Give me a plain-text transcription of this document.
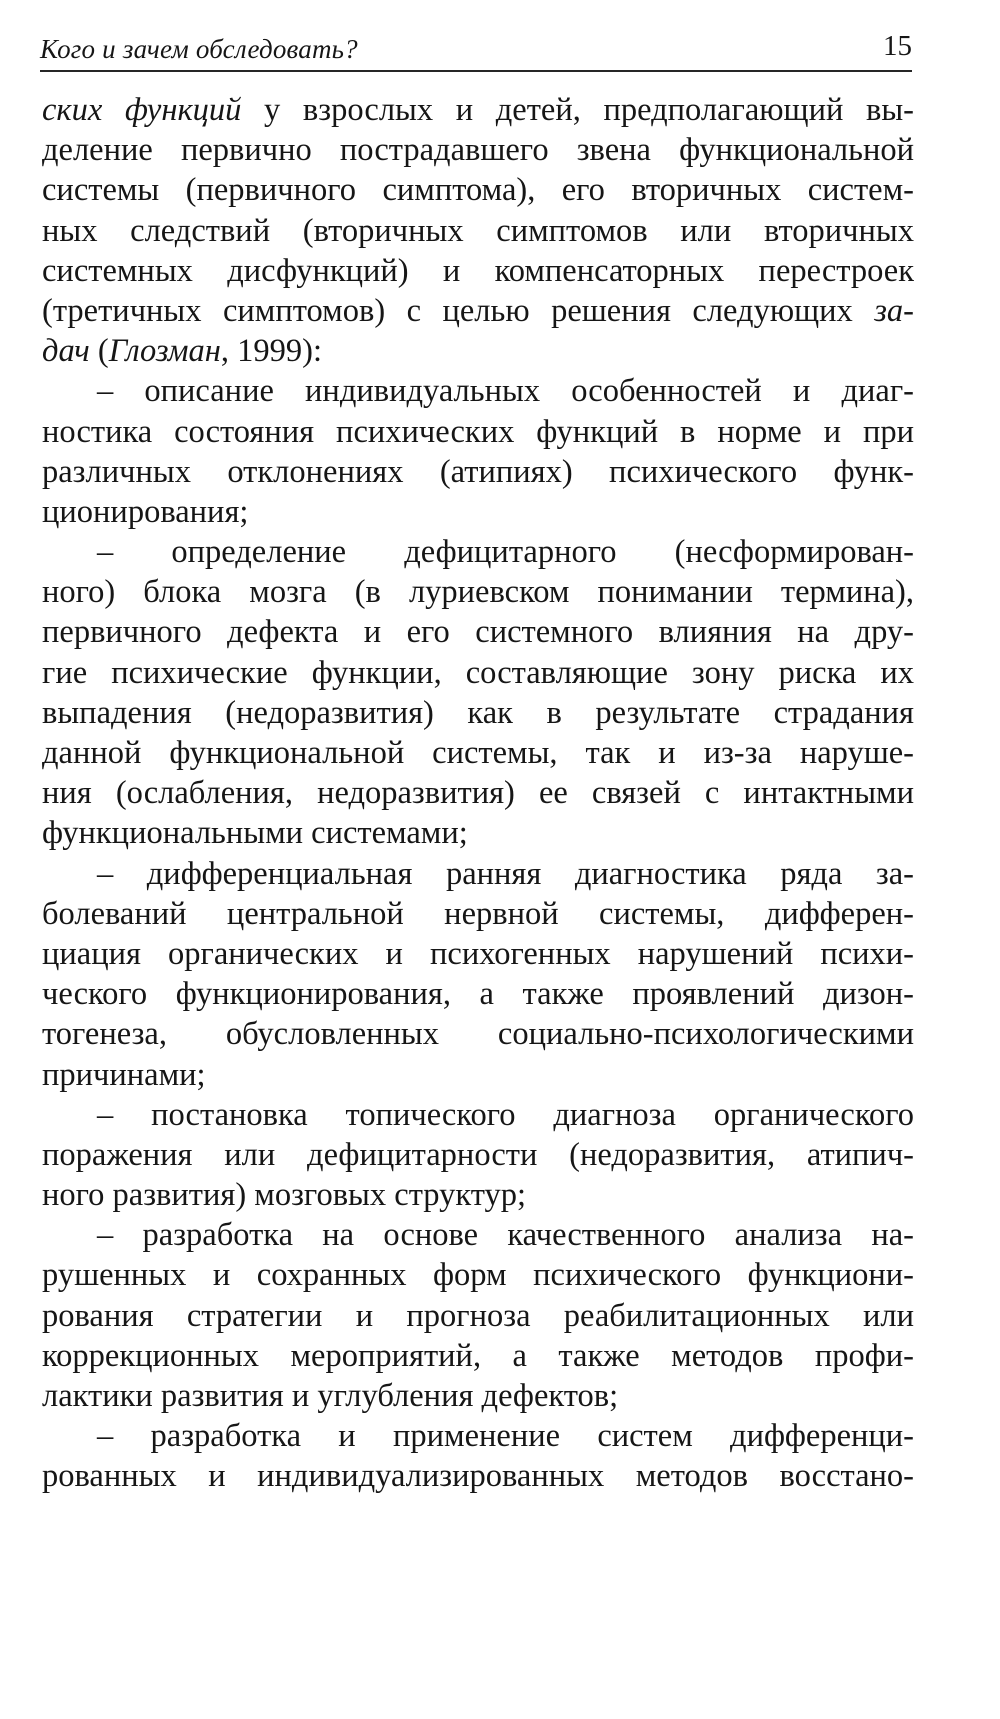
Кого и зачем обследовать?	15
ских функций у взрослых и детей, предполагающий вы-
деление первично пострадавшего звена функциональной
системы (первичного симптома), его вторичных систем-
ных следствий (вторичных симптомов или вторичных
системных дисфункций) и компенсаторных перестроек
(третичных симптомов) с целью решения следующих за-
дач (Глозман, 1999):
– описание индивидуальных особенностей и диаг-
ностика состояния психических функций в норме и при
различных отклонениях (атипиях) психического функ-
ционирования;
– определение дефицитарного (несформирован-
ного) блока мозга (в луриевском понимании термина),
первичного дефекта и его системного влияния на дру-
гие психические функции, составляющие зону риска их
выпадения (недоразвития) как в результате страдания
данной функциональной системы, так и из-за наруше-
ния (ослабления, недоразвития) ее связей с интактными
функциональными системами;
– дифференциальная ранняя диагностика ряда за-
болеваний центральной нервной системы, дифферен-
циация органических и психогенных нарушений психи-
ческого функционирования, а также проявлений дизон-
тогенеза, обусловленных социально-психологическими
причинами;
– постановка топического диагноза органического
поражения или дефицитарности (недоразвития, атипич-
ного развития) мозговых структур;
– разработка на основе качественного анализа на-
рушенных и сохранных форм психического функциони-
рования стратегии и прогноза реабилитационных или
коррекционных мероприятий, а также методов профи-
лактики развития и углубления дефектов;
– разработка и применение систем дифференци-
рованных и индивидуализированных методов восстано-
